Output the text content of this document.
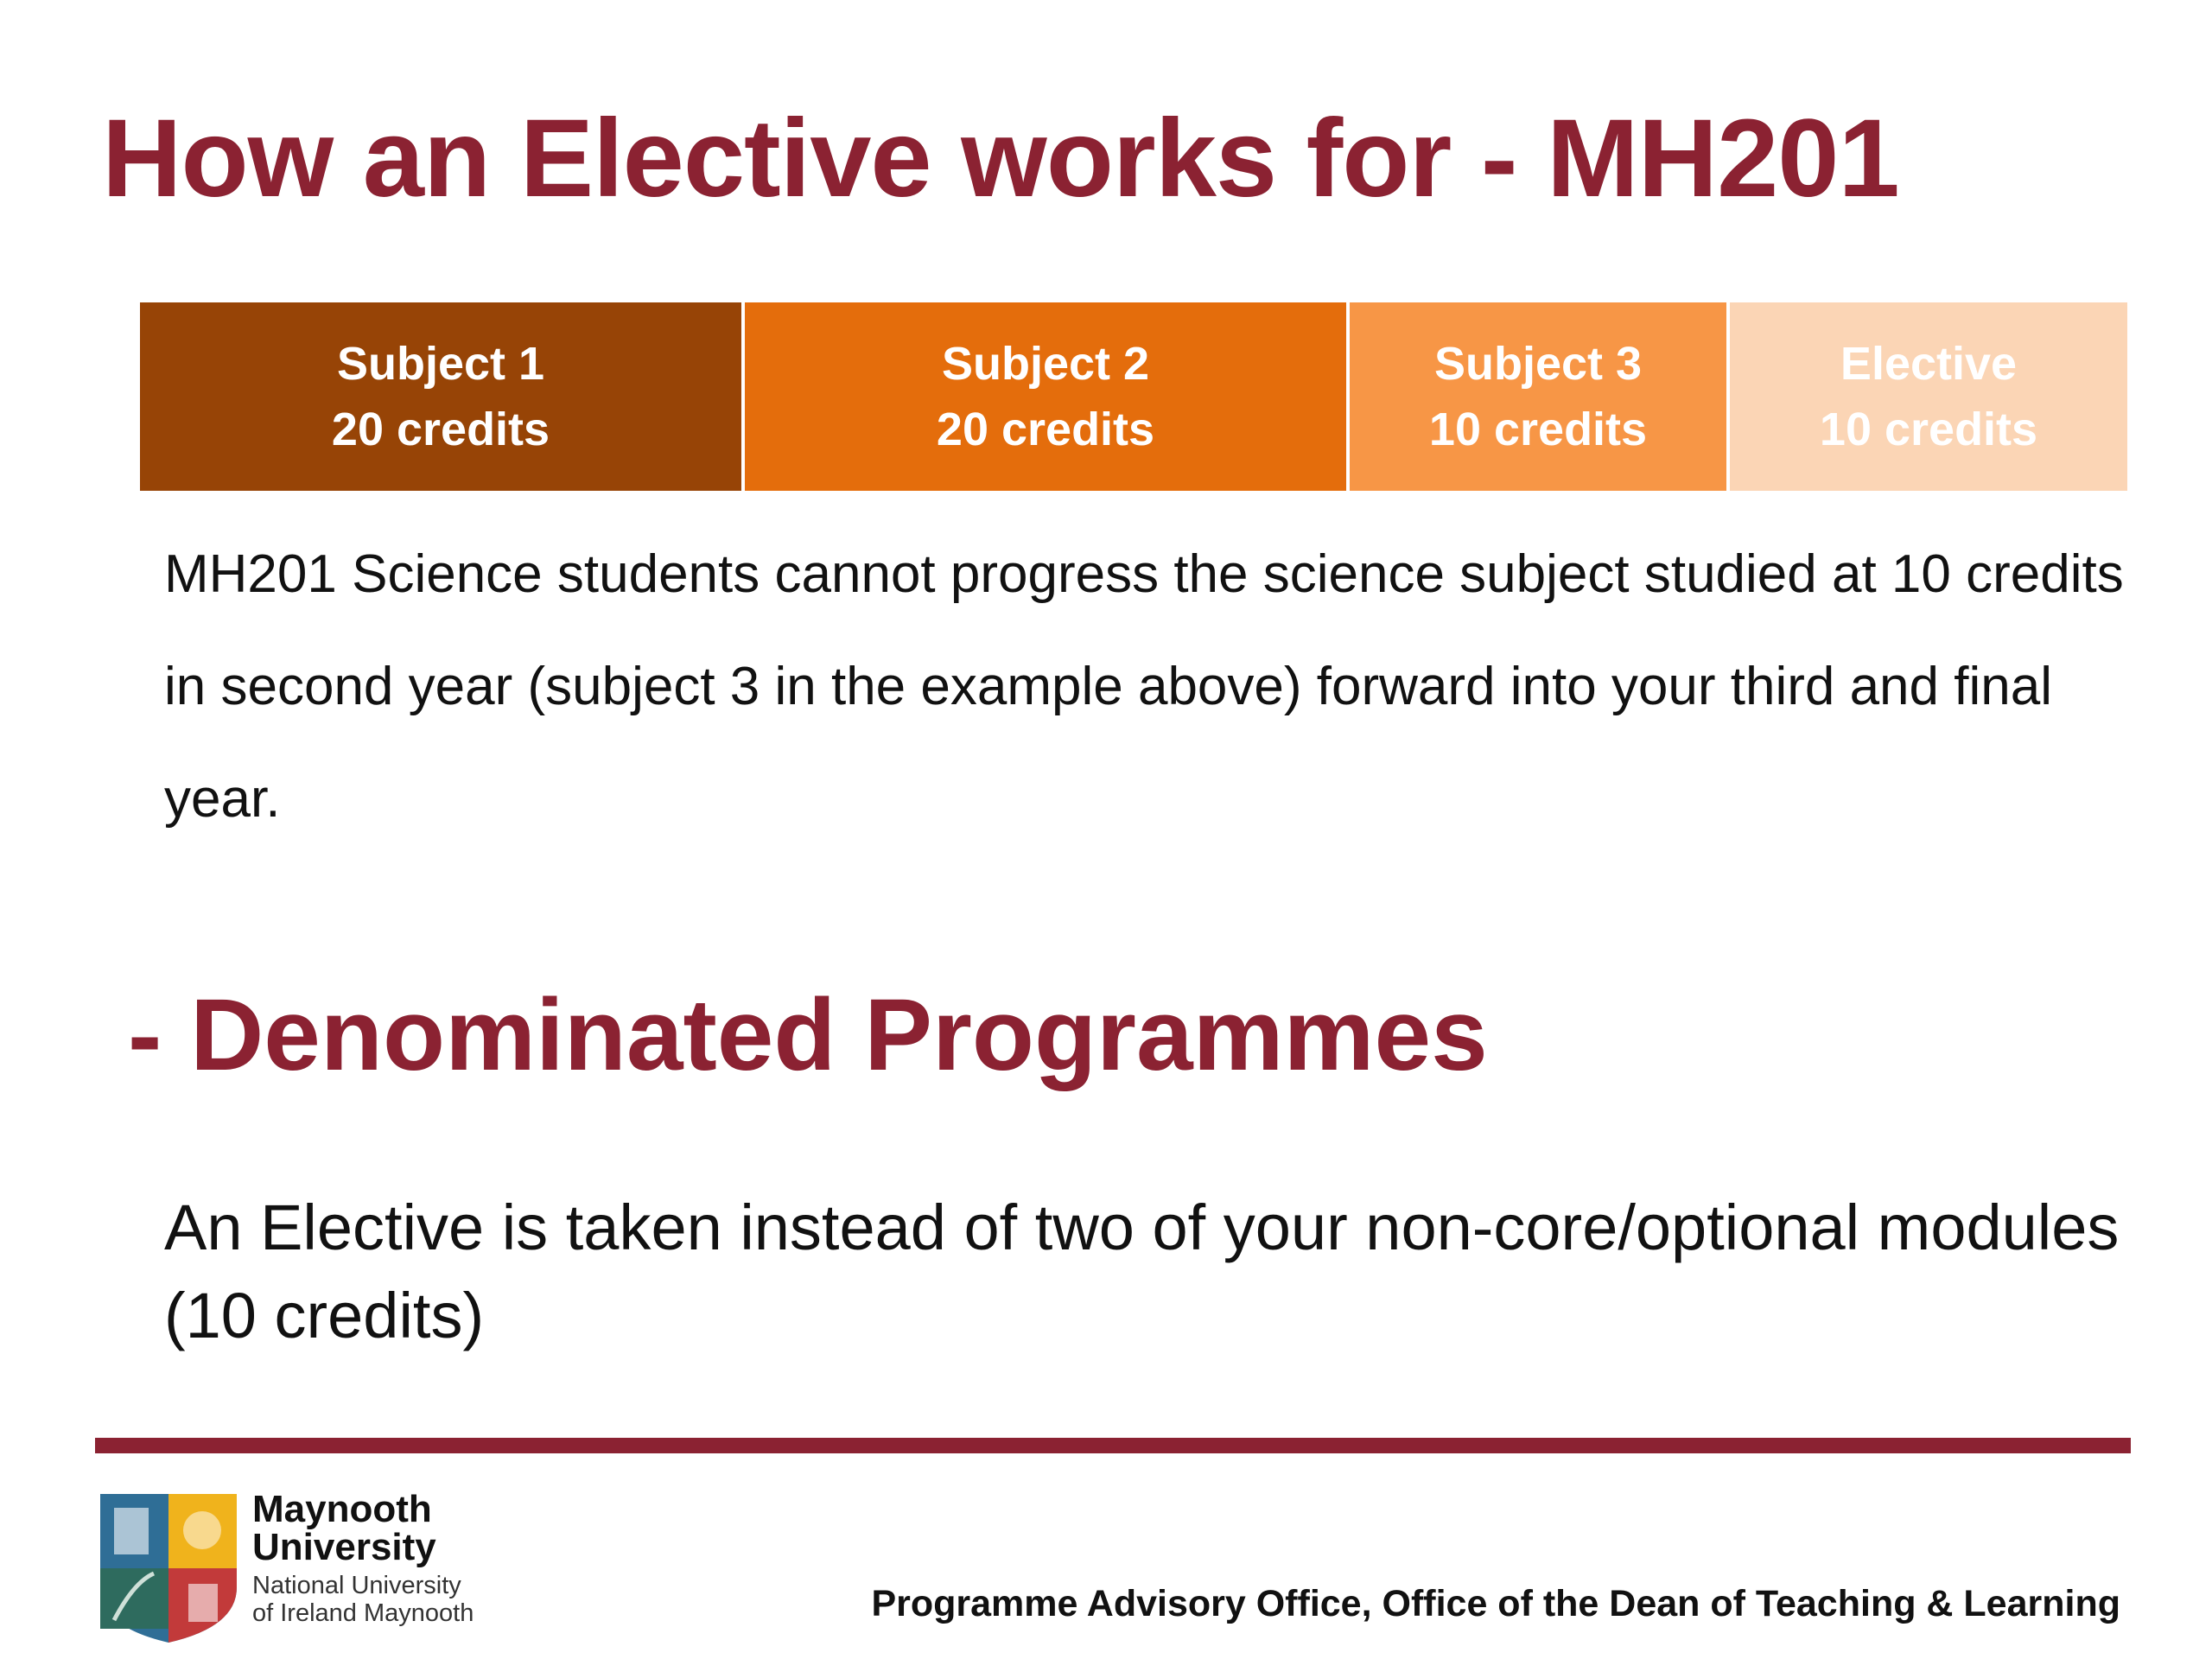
How an Elective works for - MH201
Subject 1
20 credits
Subject 2
20 credits
Subject 3
10 credits
Elective
10 credits

MH201 Science students cannot progress the science subject studied at 10 credits in second year (subject 3 in the example above) forward into your third and final year.

- Denominated Programmes

An Elective is taken instead of two of your non-core/optional modules (10 credits)

Maynooth
University
National University
of Ireland Maynooth	Programme Advisory Office, Office of the Dean of Teaching & Learning
